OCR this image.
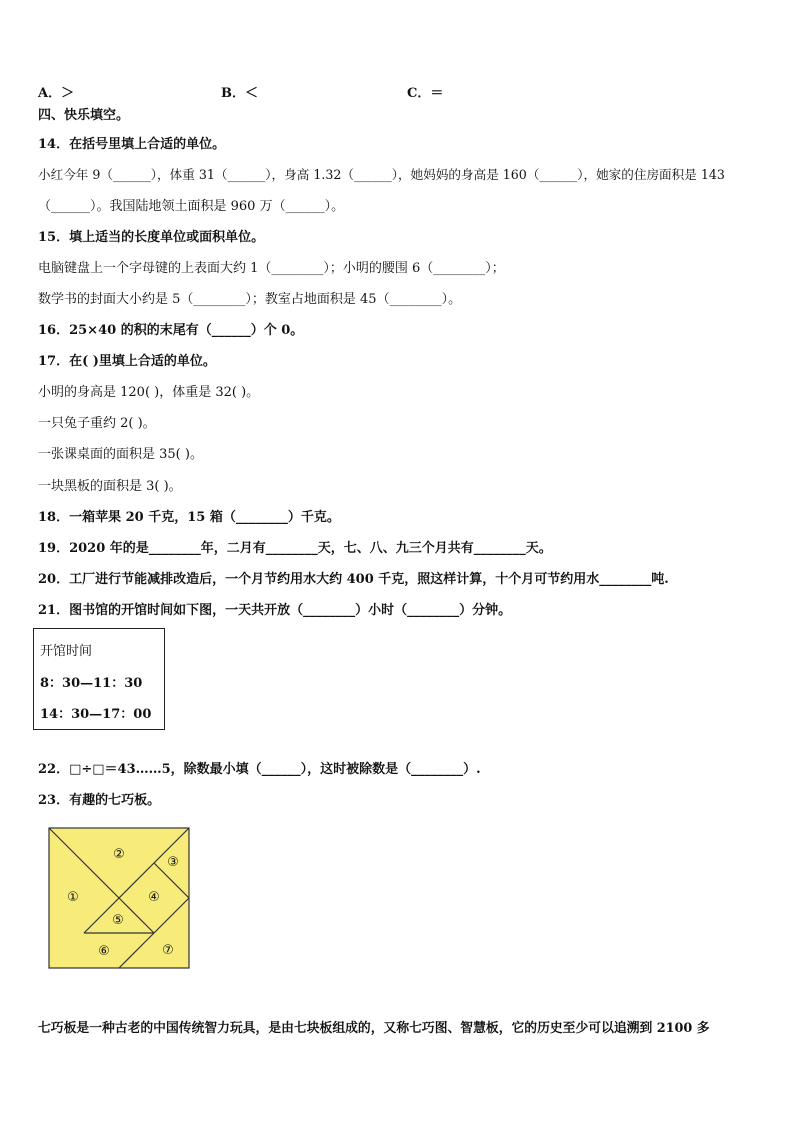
A．＞	B．＜	C．＝
四、快乐填空。
14．在括号里填上合适的单位。
小红今年 9（______），体重 31（______），身高 1.32（______），她妈妈的身高是 160（______），她家的住房面积是 143
（______）。我国陆地领土面积是 960 万（______）。
15．填上适当的长度单位或面积单位。
电脑键盘上一个字母键的上表面大约 1（________）；小明的腰围 6（________）；
数学书的封面大小约是 5（________）；教室占地面积是 45（________）。
16．25×40 的积的末尾有（______）个 0。
17．在( )里填上合适的单位。
小明的身高是 120( )，体重是 32( )。
一只兔子重约 2( )。
一张课桌面的面积是 35( )。
一块黑板的面积是 3( )。
18．一箱苹果 20 千克，15 箱（________）千克。
19．2020 年的是________年，二月有________天，七、八、九三个月共有________天。
20．工厂进行节能减排改造后，一个月节约用水大约 400 千克，照这样计算，十个月可节约用水________吨.
21．图书馆的开馆时间如下图，一天共开放（________）小时（________）分钟。
开馆时间
8：30—11：30
14：30—17：00
22．□÷□＝43……5，除数最小填（______），这时被除数是（________）.
23．有趣的七巧板。
②
③
①	④
⑤
⑥	⑦
七巧板是一种古老的中国传统智力玩具，是由七块板组成的，又称七巧图、智慧板，它的历史至少可以追溯到 2100 多
